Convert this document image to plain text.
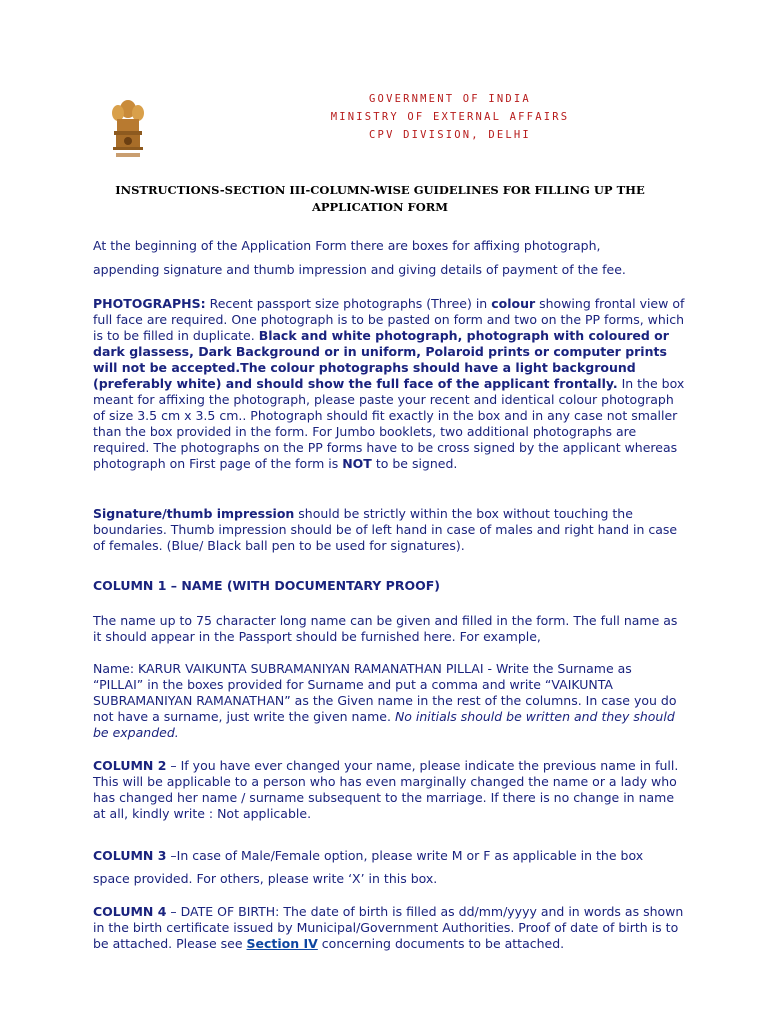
GOVERNMENT OF INDIA
MINISTRY OF EXTERNAL AFFAIRS
CPV DIVISION, DELHI
INSTRUCTIONS-SECTION III-COLUMN-WISE GUIDELINES FOR FILLING UP THE
APPLICATION FORM
At the beginning of the Application Form there are boxes for affixing photograph,
appending signature and thumb impression and giving details of payment of the fee.
PHOTOGRAPHS: Recent passport size photographs (Three) in colour showing frontal view of full face are required. One photograph is to be pasted on form and two on the PP forms, which is to be filled in duplicate. Black and white photograph, photograph with coloured or dark glassess, Dark Background or in uniform, Polaroid prints or computer prints will not be accepted.The colour photographs should have a light background (preferably white) and should show the full face of the applicant frontally. In the box meant for affixing the photograph, please paste your recent and identical colour photograph of size 3.5 cm x 3.5 cm.. Photograph should fit exactly in the box and in any case not smaller than the box provided in the form. For Jumbo booklets, two additional photographs are required. The photographs on the PP forms have to be cross signed by the applicant whereas photograph on First page of the form is NOT to be signed.
Signature/thumb impression should be strictly within the box without touching the boundaries. Thumb impression should be of left hand in case of males and right hand in case of females. (Blue/ Black ball pen to be used for signatures).
COLUMN 1 – NAME (WITH DOCUMENTARY PROOF)
The name up to 75 character long name can be given and filled in the form. The full name as it should appear in the Passport should be furnished here. For example,
Name: KARUR VAIKUNTA SUBRAMANIYAN RAMANATHAN PILLAI - Write the Surname as “PILLAI” in the boxes provided for Surname and put a comma and write “VAIKUNTA SUBRAMANIYAN RAMANATHAN” as the Given name in the rest of the columns. In case you do not have a surname, just write the given name. No initials should be written and they should be expanded.
COLUMN 2 – If you have ever changed your name, please indicate the previous name in full. This will be applicable to a person who has even marginally changed the name or a lady who has changed her name / surname subsequent to the marriage. If there is no change in name at all, kindly write : Not applicable.
COLUMN 3 –In case of Male/Female option, please write M or F as applicable in the box
space provided. For others, please write ‘X’ in this box.
COLUMN 4 – DATE OF BIRTH: The date of birth is filled as dd/mm/yyyy and in words as shown in the birth certificate issued by Municipal/Government Authorities. Proof of date of birth is to be attached. Please see Section IV concerning documents to be attached.
